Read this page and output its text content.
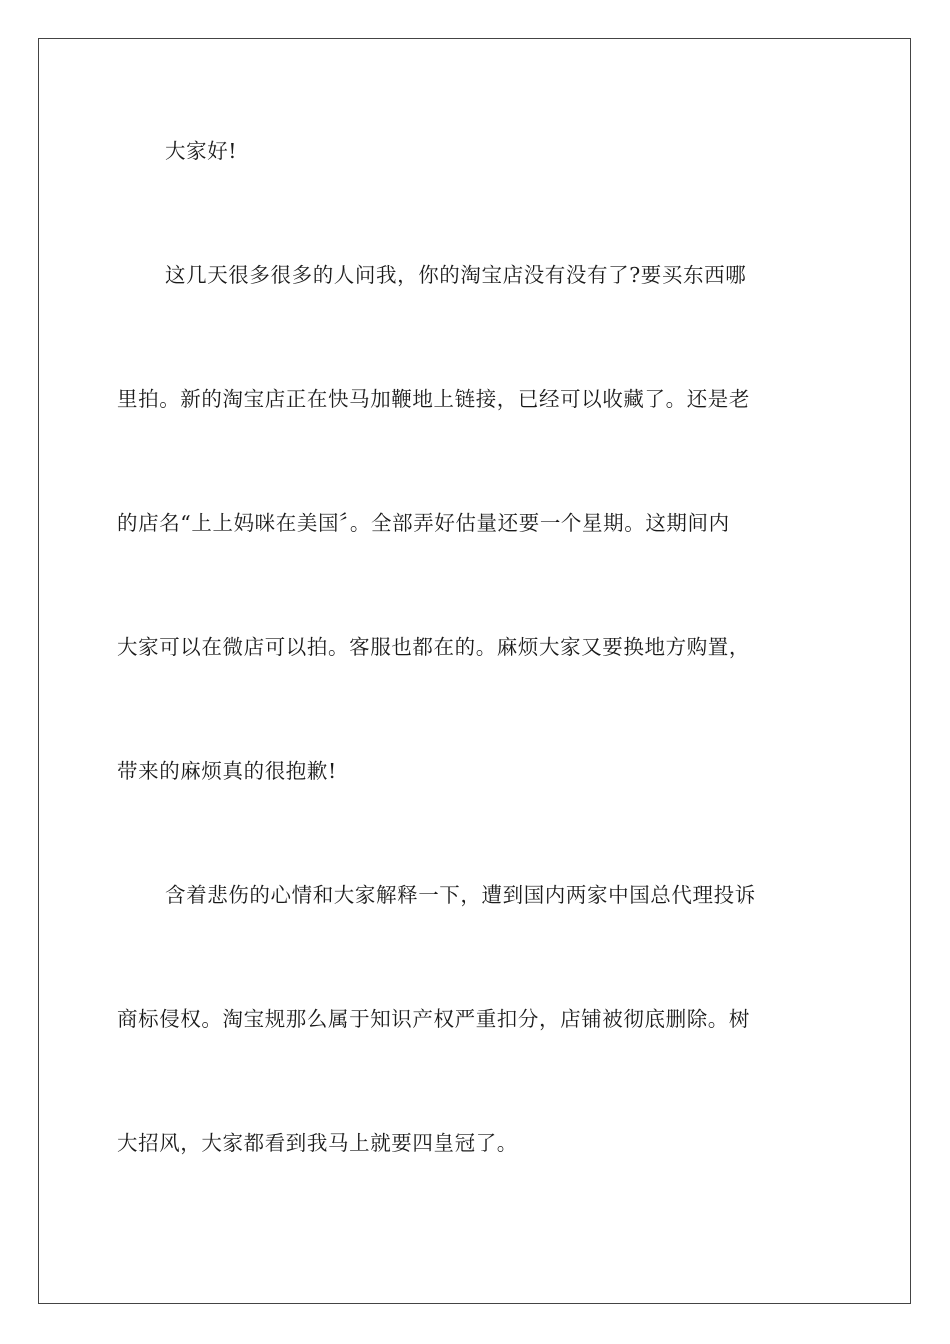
大家好!
这几天很多很多的人问我，你的淘宝店没有没有了?要买东西哪
里拍。新的淘宝店正在快马加鞭地上链接，已经可以收藏了。还是老
的店名“上上妈咪在美国〞。全部弄好估量还要一个星期。这期间内
大家可以在微店可以拍。客服也都在的。麻烦大家又要换地方购置，
带来的麻烦真的很抱歉!
含着悲伤的心情和大家解释一下，遭到国内两家中国总代理投诉
商标侵权。淘宝规那么属于知识产权严重扣分，店铺被彻底删除。树
大招风，大家都看到我马上就要四皇冠了。
